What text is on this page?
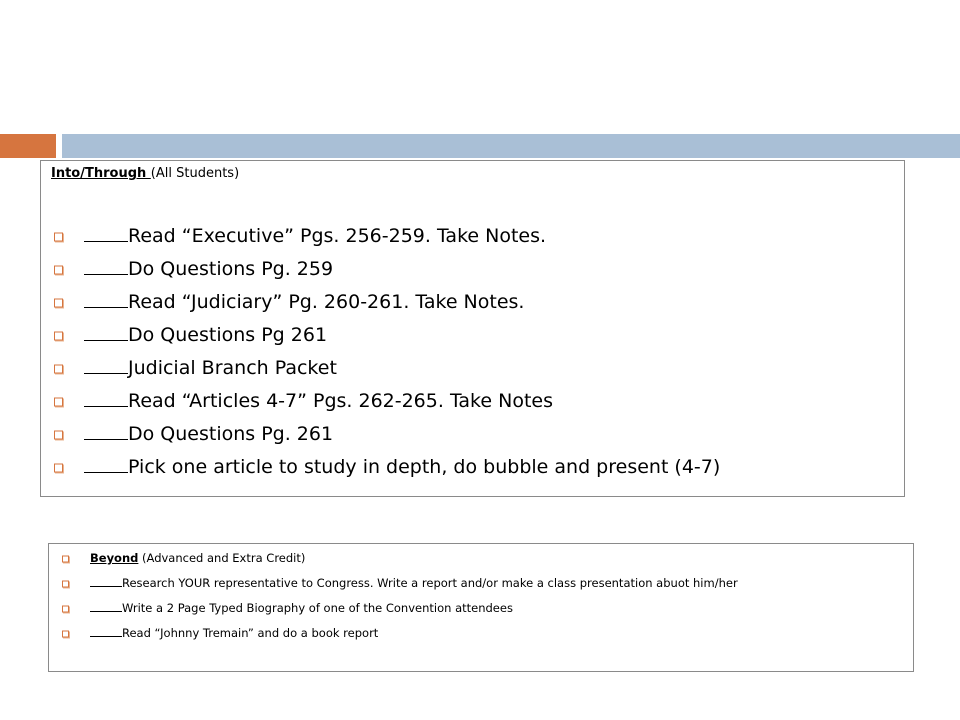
Into/Through (All Students)
Read “Executive” Pgs. 256-259. Take Notes.
Do Questions Pg. 259
Read “Judiciary” Pg. 260-261. Take Notes.
Do Questions Pg 261
Judicial Branch Packet
Read “Articles 4-7” Pgs. 262-265. Take Notes
Do Questions Pg. 261
Pick one article to study in depth, do bubble and present (4-7)
Beyond (Advanced and Extra Credit)
Research YOUR representative to Congress. Write a report and/or make a class presentation abuot him/her
Write a 2 Page Typed Biography of one of the Convention attendees
Read “Johnny Tremain” and do a book report
